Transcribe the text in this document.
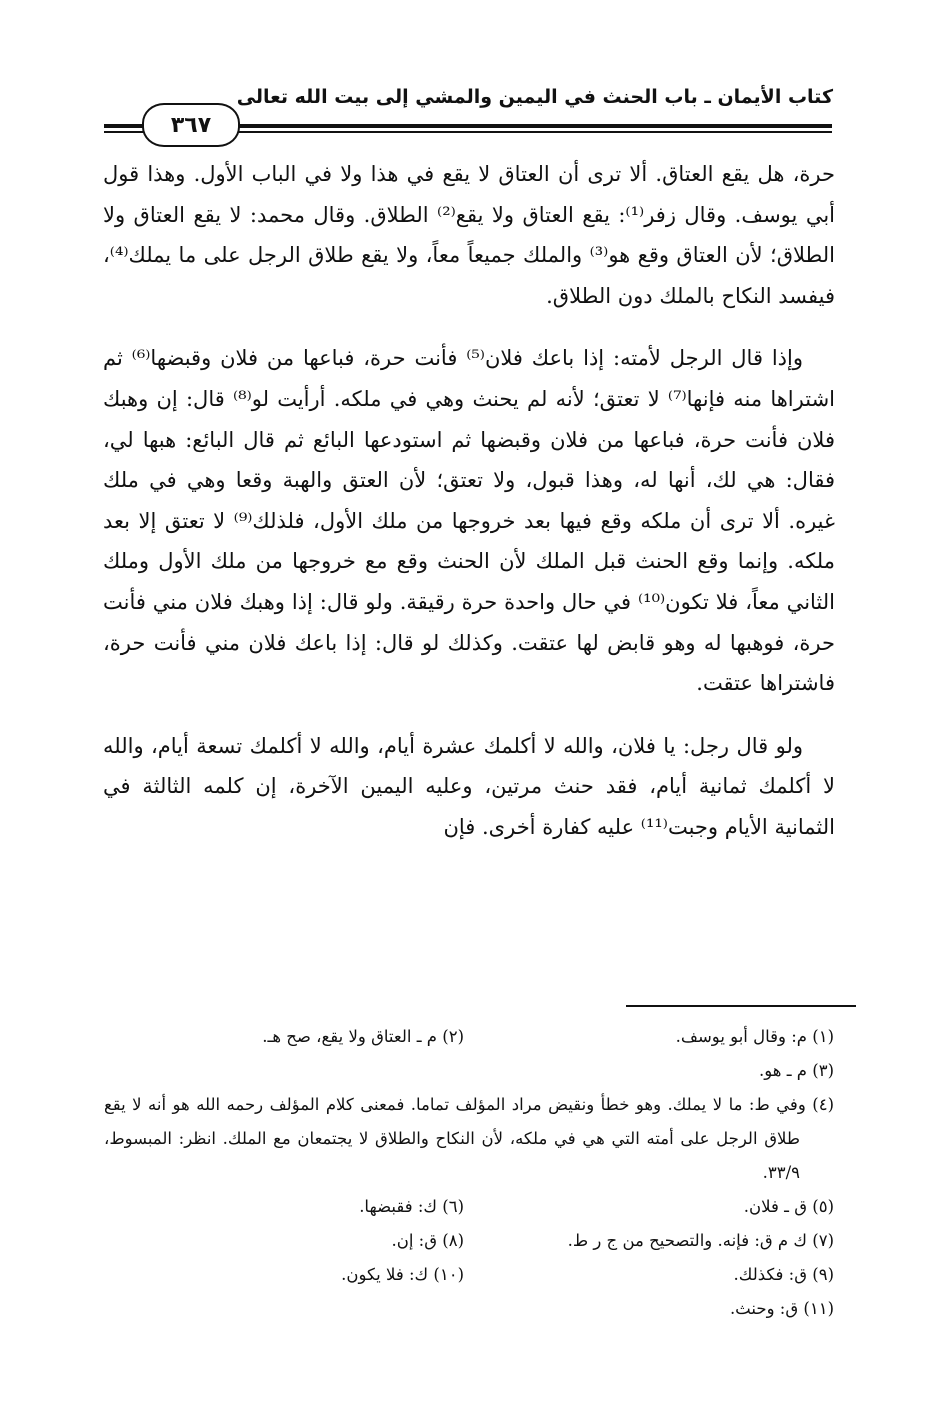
كتاب الأيمان ـ باب الحنث في اليمين والمشي إلى بيت الله تعالى
٣٦٧

حرة، هل يقع العتاق. ألا ترى أن العتاق لا يقع في هذا ولا في الباب الأول. وهذا قول أبي يوسف. وقال زفر⁽¹⁾: يقع العتاق ولا يقع⁽²⁾ الطلاق. وقال محمد: لا يقع العتاق ولا الطلاق؛ لأن العتاق وقع هو⁽³⁾ والملك جميعاً معاً، ولا يقع طلاق الرجل على ما يملك⁽⁴⁾، فيفسد النكاح بالملك دون الطلاق.

وإذا قال الرجل لأمته: إذا باعك فلان⁽⁵⁾ فأنت حرة، فباعها من فلان وقبضها⁽⁶⁾ ثم اشتراها منه فإنها⁽⁷⁾ لا تعتق؛ لأنه لم يحنث وهي في ملكه. أرأيت لو⁽⁸⁾ قال: إن وهبك فلان فأنت حرة، فباعها من فلان وقبضها ثم استودعها البائع ثم قال البائع: هبها لي، فقال: هي لك، أنها له، وهذا قبول، ولا تعتق؛ لأن العتق والهبة وقعا وهي في ملك غيره. ألا ترى أن ملكه وقع فيها بعد خروجها من ملك الأول، فلذلك⁽⁹⁾ لا تعتق إلا بعد ملكه. وإنما وقع الحنث قبل الملك لأن الحنث وقع مع خروجها من ملك الأول وملك الثاني معاً، فلا تكون⁽¹⁰⁾ في حال واحدة حرة رقيقة. ولو قال: إذا وهبك فلان مني فأنت حرة، فوهبها له وهو قابض لها عتقت. وكذلك لو قال: إذا باعك فلان مني فأنت حرة، فاشتراها عتقت.

ولو قال رجل: يا فلان، والله لا أكلمك عشرة أيام، والله لا أكلمك تسعة أيام، والله لا أكلمك ثمانية أيام، فقد حنث مرتين، وعليه اليمين الآخرة، إن كلمه الثالثة في الثمانية الأيام وجبت⁽¹¹⁾ عليه كفارة أخرى. فإن

(١) م: وقال أبو يوسف.
(٢) م ـ العتاق ولا يقع، صح هـ.
(٣) م ـ هو.
(٤) وفي ط: ما لا يملك. وهو خطأ ونقيض مراد المؤلف تماما. فمعنى كلام المؤلف رحمه الله هو أنه لا يقع طلاق الرجل على أمته التي هي في ملكه، لأن النكاح والطلاق لا يجتمعان مع الملك. انظر: المبسوط، ٣٣/٩.
(٥) ق ـ فلان.
(٦) ك: فقبضها.
(٧) ك م ق: فإنه. والتصحيح من ج ر ط.
(٨) ق: إن.
(٩) ق: فكذلك.
(١٠) ك: فلا يكون.
(١١) ق: وحنث.
